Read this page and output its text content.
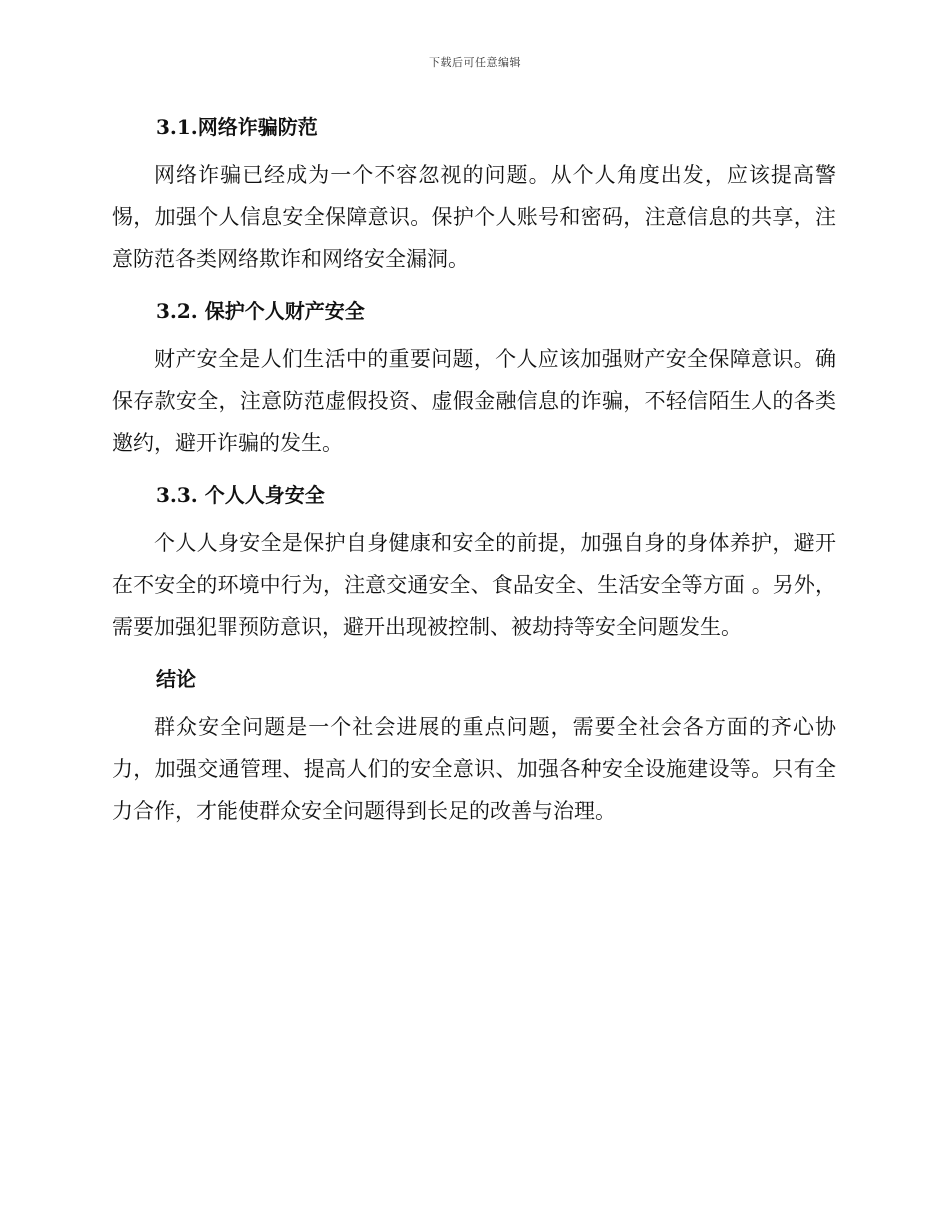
下载后可任意编辑
3.1.网络诈骗防范

网络诈骗已经成为一个不容忽视的问题。从个人角度出发，应该提高警惕，加强个人信息安全保障意识。保护个人账号和密码，注意信息的共享，注意防范各类网络欺诈和网络安全漏洞。

3.2. 保护个人财产安全

财产安全是人们生活中的重要问题，个人应该加强财产安全保障意识。确保存款安全，注意防范虚假投资、虚假金融信息的诈骗，不轻信陌生人的各类邀约，避开诈骗的发生。

3.3. 个人人身安全

个人人身安全是保护自身健康和安全的前提，加强自身的身体养护，避开在不安全的环境中行为，注意交通安全、食品安全、生活安全等方面 。另外，需要加强犯罪预防意识，避开出现被控制、被劫持等安全问题发生。

结论

群众安全问题是一个社会进展的重点问题，需要全社会各方面的齐心协力，加强交通管理、提高人们的安全意识、加强各种安全设施建设等。只有全力合作，才能使群众安全问题得到长足的改善与治理。
